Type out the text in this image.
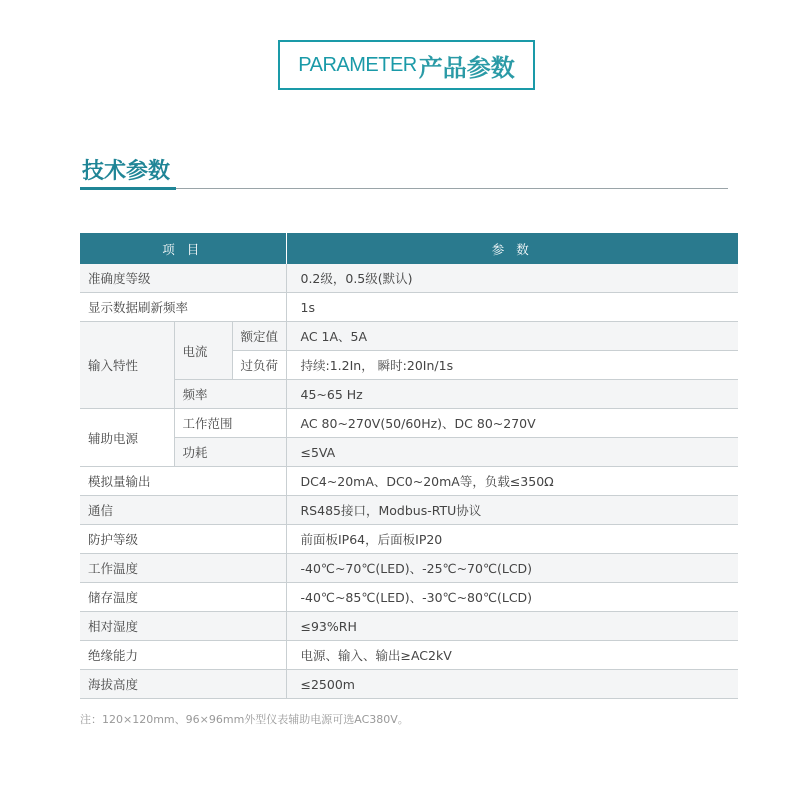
PARAMETER 产品参数
技术参数
项 目			参 数
准确度等级			0.2级，0.5级(默认)
显示数据刷新频率			1s
输入特性	电流	额定值	AC 1A、5A
		过负荷	持续:1.2In， 瞬时:20In/1s
	频率		45~65 Hz
辅助电源	工作范围		AC 80~270V(50/60Hz)、DC 80~270V
	功耗		≤5VA
模拟量输出			DC4~20mA、DC0~20mA等，负载≤350Ω
通信			RS485接口，Modbus-RTU协议
防护等级			前面板IP64，后面板IP20
工作温度			-40℃~70℃(LED)、-25℃~70℃(LCD)
储存温度			-40℃~85℃(LED)、-30℃~80℃(LCD)
相对湿度			≤93%RH
绝缘能力			电源、输入、输出≥AC2kV
海拔高度			≤2500m
注：120×120mm、96×96mm外型仪表辅助电源可选AC380V。
